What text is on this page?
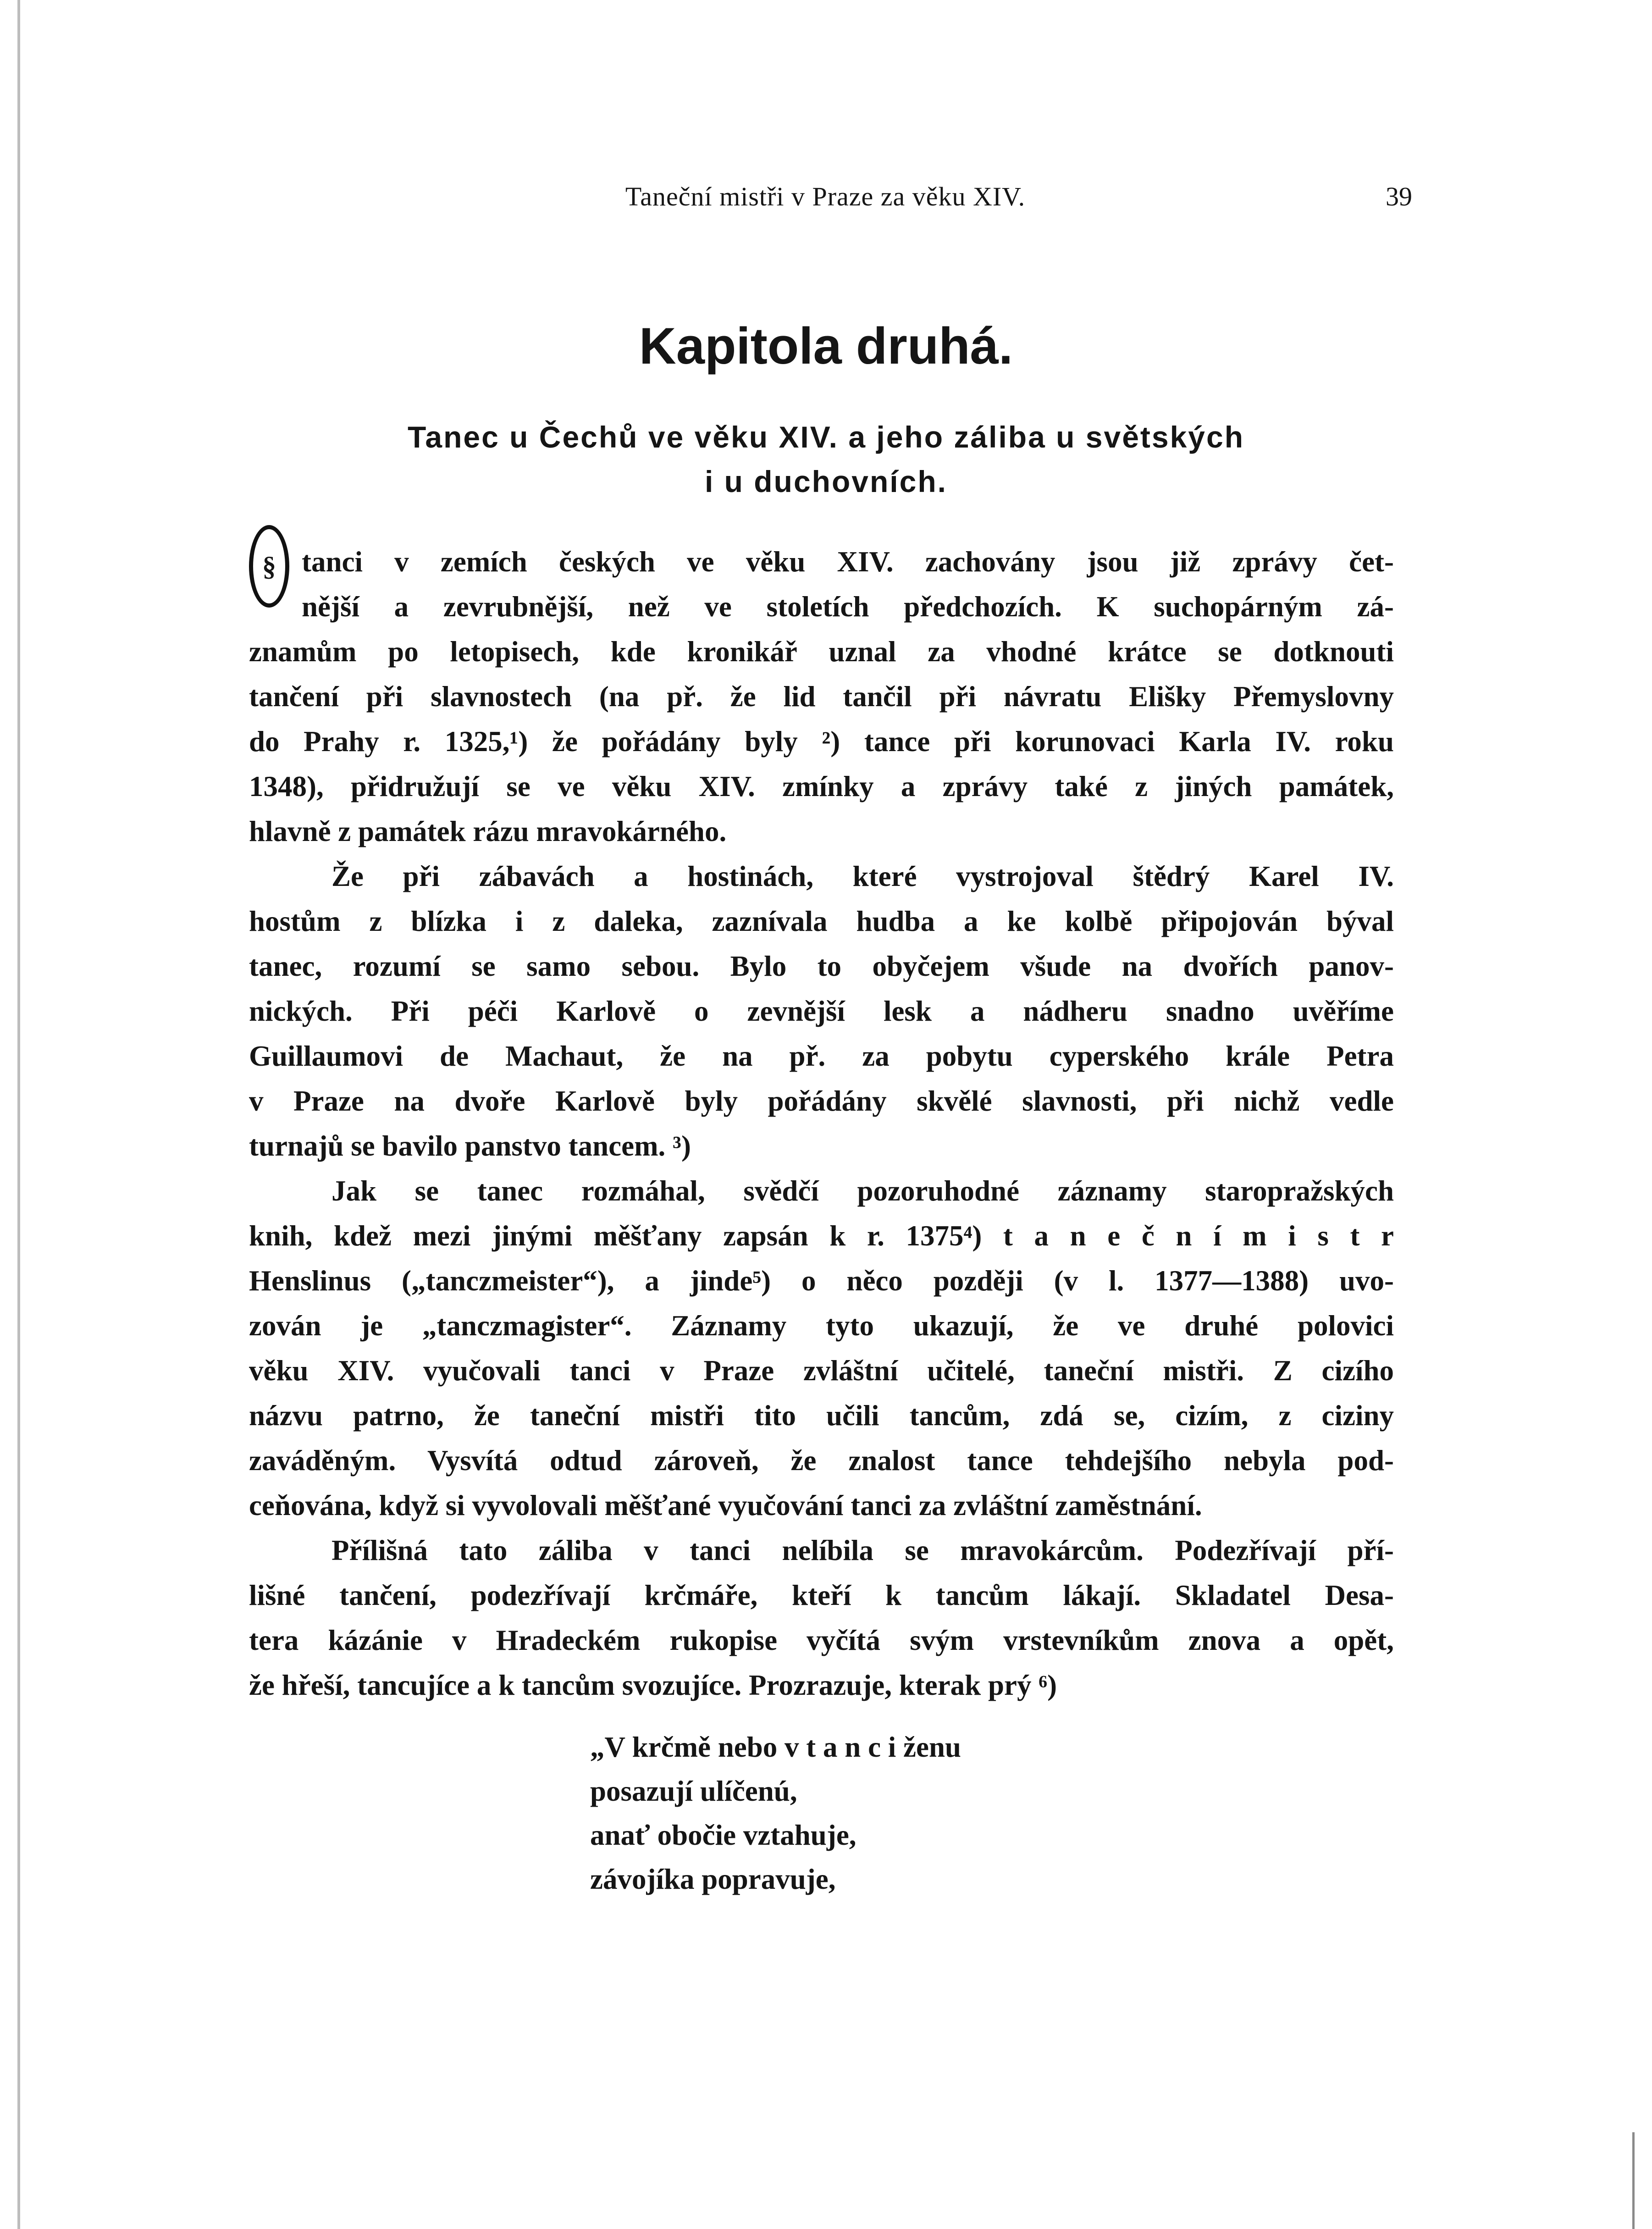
Taneční mistři v Praze za věku XIV.	39
Kapitola druhá.
Tanec u Čechů ve věku XIV. a jeho záliba u světských
i u duchovních.
§ tanci v zemích českých ve věku XIV. zachovány jsou již zprávy čet-
nější a zevrubnější, než ve stoletích předchozích. K suchopárným zá-
znamům po letopisech, kde kronikář uznal za vhodné krátce se dotknouti
tančení při slavnostech (na př. že lid tančil při návratu Elišky Přemyslovny
do Prahy r. 1325,¹) že pořádány byly ²) tance při korunovaci Karla IV. roku
1348), přidružují se ve věku XIV. zmínky a zprávy také z jiných památek,
hlavně z památek rázu mravokárného.
Že při zábavách a hostinách, které vystrojoval štědrý Karel IV.
hostům z blízka i z daleka, zaznívala hudba a ke kolbě připojován býval
tanec, rozumí se samo sebou. Bylo to obyčejem všude na dvořích panov-
nických. Při péči Karlově o zevnější lesk a nádheru snadno uvěříme
Guillaumovi de Machaut, že na př. za pobytu cyperského krále Petra
v Praze na dvoře Karlově byly pořádány skvělé slavnosti, při nichž vedle
turnajů se bavilo panstvo tancem. ³)
Jak se tanec rozmáhal, svědčí pozoruhodné záznamy staropražských
knih, kdež mezi jinými měšťany zapsán k r. 1375⁴) t a n e č n í m i s t r
Henslinus („tanczmeister“), a jinde⁵) o něco později (v l. 1377—1388) uvo-
zován je „tanczmagister“. Záznamy tyto ukazují, že ve druhé polovici
věku XIV. vyučovali tanci v Praze zvláštní učitelé, taneční mistři. Z cizího
názvu patrno, že taneční mistři tito učili tancům, zdá se, cizím, z ciziny
zaváděným. Vysvítá odtud zároveň, že znalost tance tehdejšího nebyla pod-
ceňována, když si vyvolovali měšťané vyučování tanci za zvláštní zaměstnání.
Přílišná tato záliba v tanci nelíbila se mravokárcům. Podezřívají pří-
lišné tančení, podezřívají krčmáře, kteří k tancům lákají. Skladatel Desa-
tera kázánie v Hradeckém rukopise vyčítá svým vrstevníkům znova a opět,
že hřeší, tancujíce a k tancům svozujíce. Prozrazuje, kterak prý ⁶)
„V krčmě nebo v t a n c i ženu
posazují ulíčenú,
anať obočie vztahuje,
závojíka popravuje,
